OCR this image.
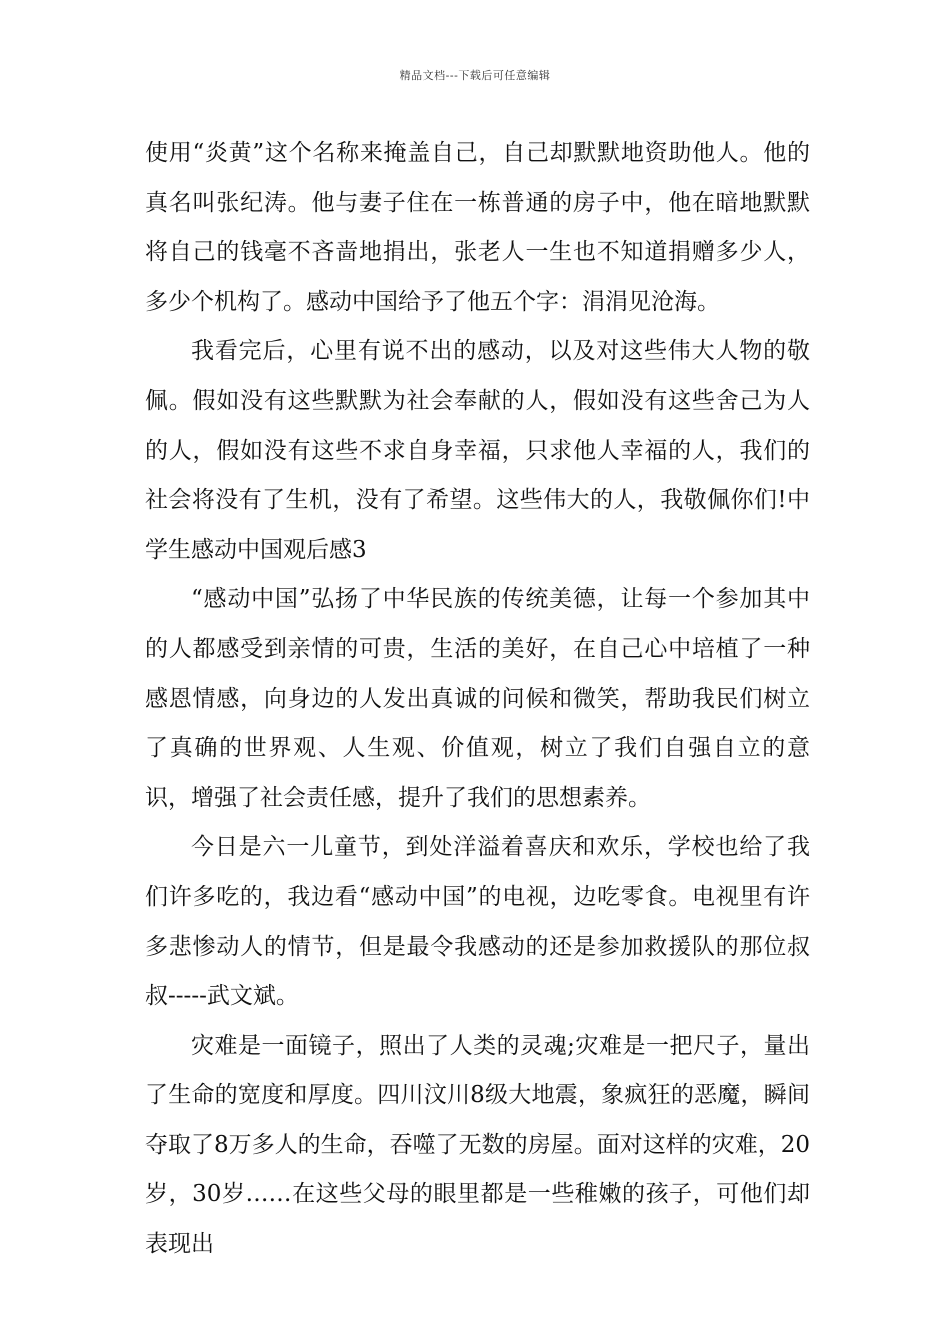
精品文档---下载后可任意编辑

使用“炎黄”这个名称来掩盖自己，自己却默默地资助他人。他的真名叫张纪涛。他与妻子住在一栋普通的房子中，他在暗地默默将自己的钱毫不吝啬地捐出，张老人一生也不知道捐赠多少人，多少个机构了。感动中国给予了他五个字：涓涓见沧海。

我看完后，心里有说不出的感动，以及对这些伟大人物的敬佩。假如没有这些默默为社会奉献的人，假如没有这些舍己为人的人，假如没有这些不求自身幸福，只求他人幸福的人，我们的社会将没有了生机，没有了希望。这些伟大的人，我敬佩你们!中学生感动中国观后感3

“感动中国”弘扬了中华民族的传统美德，让每一个参加其中的人都感受到亲情的可贵，生活的美好，在自己心中培植了一种感恩情感，向身边的人发出真诚的问候和微笑，帮助我民们树立了真确的世界观、人生观、价值观，树立了我们自强自立的意识，增强了社会责任感，提升了我们的思想素养。

今日是六一儿童节，到处洋溢着喜庆和欢乐，学校也给了我们许多吃的，我边看“感动中国”的电视，边吃零食。电视里有许多悲惨动人的情节，但是最令我感动的还是参加救援队的那位叔叔-----武文斌。

灾难是一面镜子，照出了人类的灵魂;灾难是一把尺子，量出了生命的宽度和厚度。四川汶川8级大地震，象疯狂的恶魔，瞬间夺取了8万多人的生命，吞噬了无数的房屋。面对这样的灾难，20岁，30岁……在这些父母的眼里都是一些稚嫩的孩子，可他们却表现出
